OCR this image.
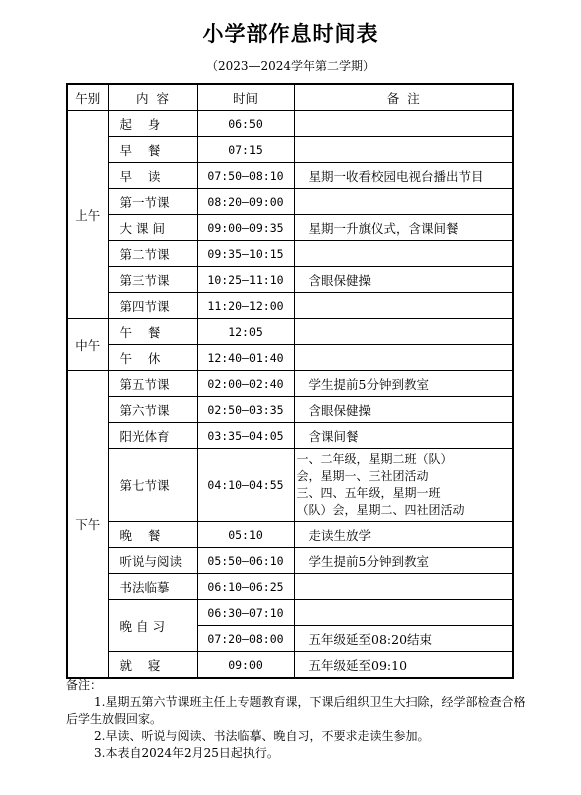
小学部作息时间表
（2023—2024学年第二学期）
午别	内  容	时间	备  注
上午	起    身	06:50	
	早    餐	07:15	
	早    读	07:50—08:10	星期一收看校园电视台播出节目
	第一节课	08:20—09:00	
	大 课 间	09:00—09:35	星期一升旗仪式，含课间餐
	第二节课	09:35—10:15	
	第三节课	10:25—11:10	含眼保健操
	第四节课	11:20—12:00	
中午	午    餐	12:05	
	午    休	12:40—01:40	
下午	第五节课	02:00—02:40	学生提前5分钟到教室
	第六节课	02:50—03:35	含眼保健操
	阳光体育	03:35—04:05	含课间餐
	第七节课	04:10—04:55	一、二年级，星期二班（队）
会，星期一、三社团活动
三、四、五年级，星期一班
（队）会，星期二、四社团活动
	晚    餐	05:10	走读生放学
	听说与阅读	05:50—06:10	学生提前5分钟到教室
	书法临摹	06:10—06:25	
	晚 自 习	06:30—07:10	
		07:20—08:00	五年级延至08:20结束
	就    寝	09:00	五年级延至09:10

备注：

1.星期五第六节课班主任上专题教育课，下课后组织卫生大扫除，经学部检查合格后学生放假回家。

2.早读、听说与阅读、书法临摹、晚自习，不要求走读生参加。

3.本表自2024年2月25日起执行。
